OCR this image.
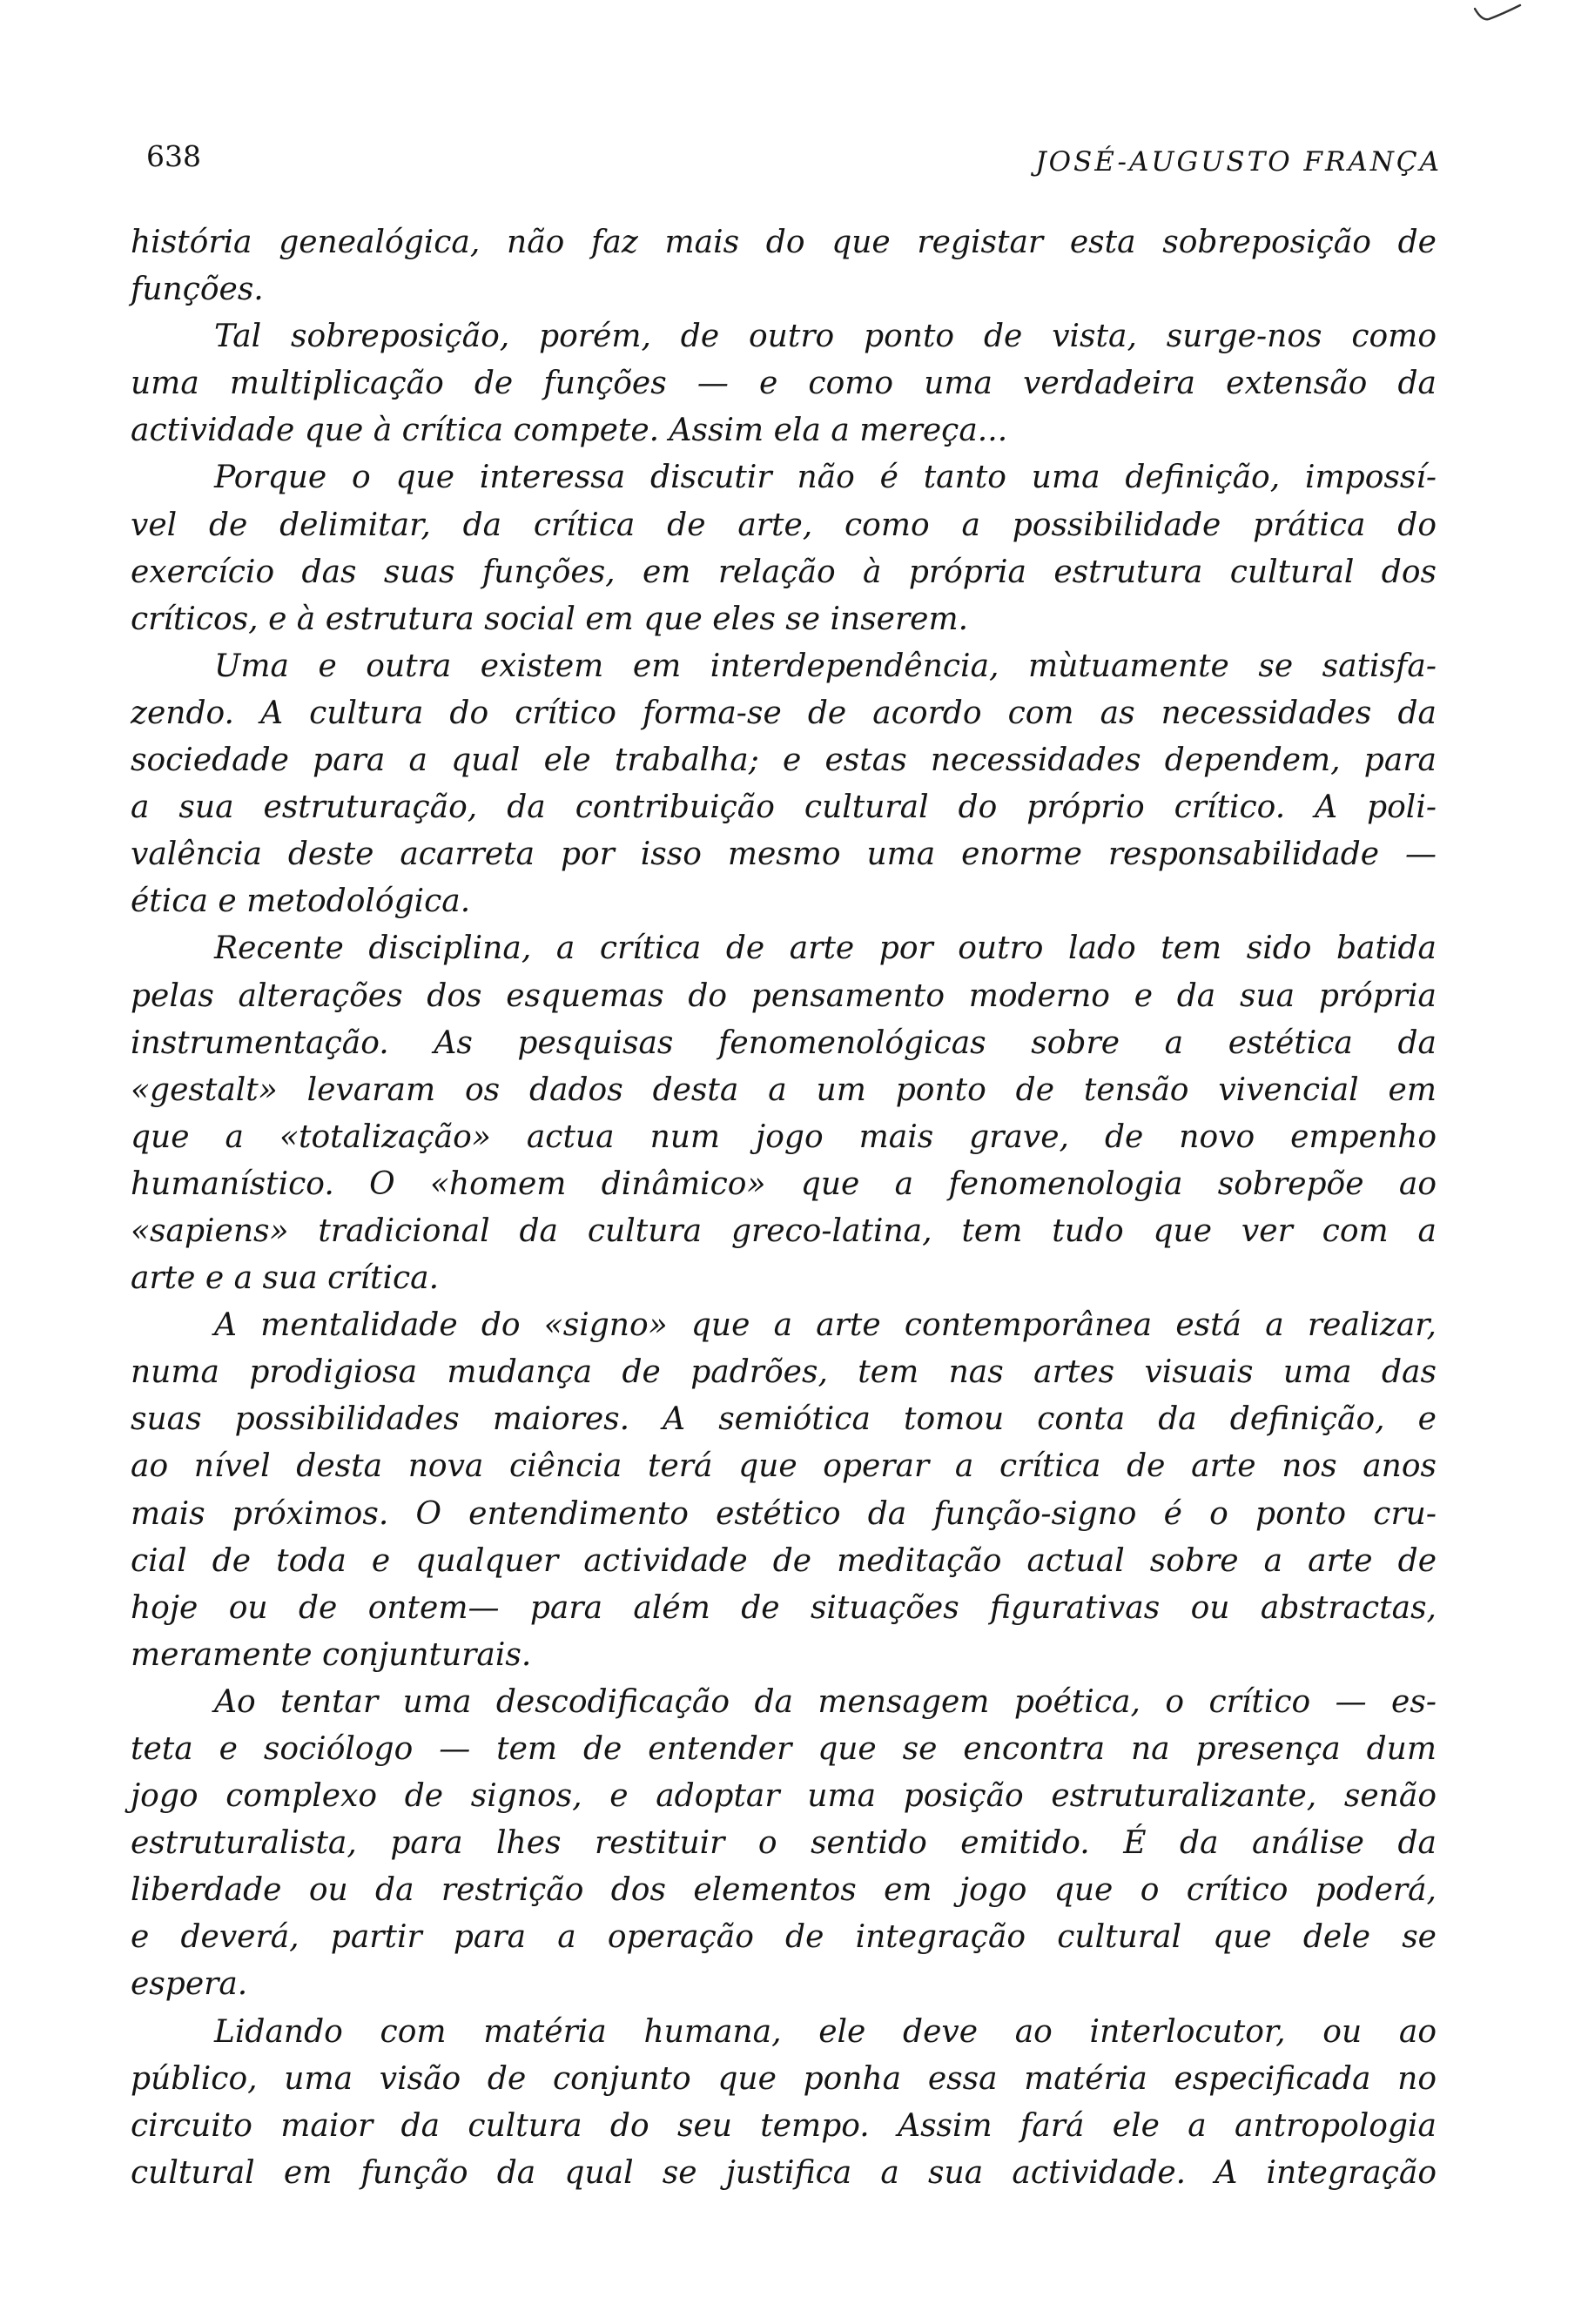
638	JOSÉ-AUGUSTO FRANÇA
história genealógica, não faz mais do que registar esta sobreposição de
funções.
Tal sobreposição, porém, de outro ponto de vista, surge-nos como
uma multiplicação de funções — e como uma verdadeira extensão da
actividade que à crítica compete. Assim ela a mereça...
Porque o que interessa discutir não é tanto uma definição, impossí-
vel de delimitar, da crítica de arte, como a possibilidade prática do
exercício das suas funções, em relação à própria estrutura cultural dos
críticos, e à estrutura social em que eles se inserem.
Uma e outra existem em interdependência, mùtuamente se satisfa-
zendo. A cultura do crítico forma-se de acordo com as necessidades da
sociedade para a qual ele trabalha; e estas necessidades dependem, para
a sua estruturação, da contribuição cultural do próprio crítico. A poli-
valência deste acarreta por isso mesmo uma enorme responsabilidade —
ética e metodológica.
Recente disciplina, a crítica de arte por outro lado tem sido batida
pelas alterações dos esquemas do pensamento moderno e da sua própria
instrumentação. As pesquisas fenomenológicas sobre a estética da
«gestalt» levaram os dados desta a um ponto de tensão vivencial em
que a «totalização» actua num jogo mais grave, de novo empenho
humanístico. O «homem dinâmico» que a fenomenologia sobrepõe ao
«sapiens» tradicional da cultura greco-latina, tem tudo que ver com a
arte e a sua crítica.
A mentalidade do «signo» que a arte contemporânea está a realizar,
numa prodigiosa mudança de padrões, tem nas artes visuais uma das
suas possibilidades maiores. A semiótica tomou conta da definição, e
ao nível desta nova ciência terá que operar a crítica de arte nos anos
mais próximos. O entendimento estético da função-signo é o ponto cru-
cial de toda e qualquer actividade de meditação actual sobre a arte de
hoje ou de ontem— para além de situações figurativas ou abstractas,
meramente conjunturais.
Ao tentar uma descodificação da mensagem poética, o crítico — es-
teta e sociólogo — tem de entender que se encontra na presença dum
jogo complexo de signos, e adoptar uma posição estruturalizante, senão
estruturalista, para lhes restituir o sentido emitido. É da análise da
liberdade ou da restrição dos elementos em jogo que o crítico poderá,
e deverá, partir para a operação de integração cultural que dele se
espera.
Lidando com matéria humana, ele deve ao interlocutor, ou ao
público, uma visão de conjunto que ponha essa matéria especificada no
circuito maior da cultura do seu tempo. Assim fará ele a antropologia
cultural em função da qual se justifica a sua actividade. A integração
